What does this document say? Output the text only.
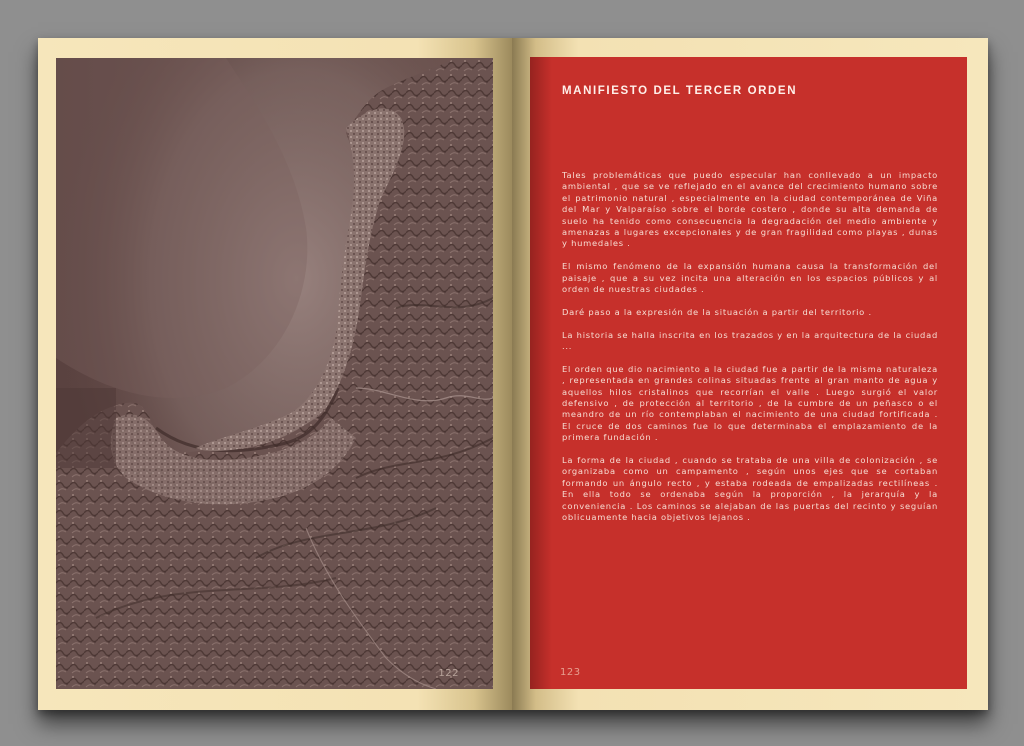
122
MANIFIESTO DEL TERCER ORDEN

Tales problemáticas que puedo especular han conllevado a un impacto ambiental , que se ve reflejado en el avance del crecimiento humano sobre el patrimonio natural , especialmente en la ciudad contemporánea de Viña del Mar y Valparaíso sobre el borde costero , donde su alta demanda de suelo ha tenido como consecuencia la degradación del medio ambiente y amenazas a lugares excepcionales y de gran fragilidad como playas , dunas y humedales .

El mismo fenómeno de la expansión humana causa la transformación del paisaje , que a su vez incita una alteración en los espacios públicos y al orden de nuestras ciudades .

Daré paso a la expresión de la situación a partir del territorio .

La historia se halla inscrita en los trazados y en la arquitectura de la ciudad ...

El orden que dio nacimiento a la ciudad fue a partir de la misma naturaleza , representada en grandes colinas situadas frente al gran manto de agua y aquellos hilos cristalinos que recorrían el valle . Luego surgió el valor defensivo , de protección al territorio , de la cumbre de un peñasco o el meandro de un río contemplaban el nacimiento de una ciudad fortificada . El cruce de dos caminos fue lo que determinaba el emplazamiento de la primera fundación .

La forma de la ciudad , cuando se trataba de una villa de colonización , se organizaba como un campamento , según unos ejes que se cortaban formando un ángulo recto , y estaba rodeada de empalizadas rectilíneas . En ella todo se ordenaba según la proporción , la jerarquía y la conveniencia . Los caminos se alejaban de las puertas del recinto y seguían oblicuamente hacia objetivos lejanos .

123
